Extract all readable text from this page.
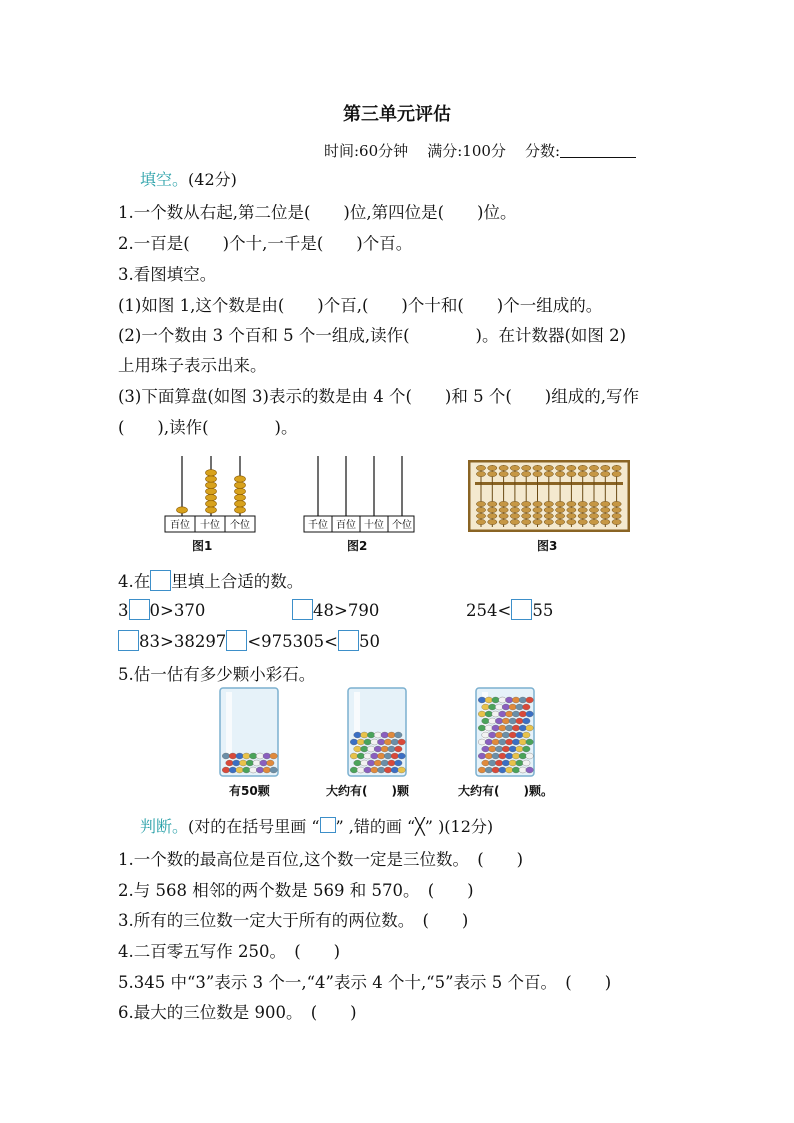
第三单元评估
时间:60分钟 满分:100分 分数:
填空。(42分)
1.一个数从右起,第二位是(　　)位,第四位是(　　)位。
2.一百是(　　)个十,一千是(　　)个百。
3.看图填空。
(1)如图 1,这个数是由(　　)个百,(　　)个十和(　　)个一组成的。
(2)一个数由 3 个百和 5 个一组成,读作(　　　　)。在计数器(如图 2)
上用珠子表示出来。
(3)下面算盘(如图 3)表示的数是由 4 个(　　)和 5 个(　　)组成的,写作
(　　),读作(　　　　)。
百位 十位 个位
图1
千位 百位 十位 个位
图2	图3
4.在 里填上合适的数。
3 0>370	48>790	254< 55
83>38297 <975305< 50
5.估一估有多少颗小彩石。
有50颗	大约有(　　)颗	大约有(　　)颗。
判断。(对的在括号里画 “ ” ,错的画 “╳” )(12分)
1.一个数的最高位是百位,这个数一定是三位数。　(　　)
2.与 568 相邻的两个数是 569 和 570。　(　　)
3.所有的三位数一定大于所有的两位数。　(　　)
4.二百零五写作 250。　(　　)
5.345 中“3”表示 3 个一,“4”表示 4 个十,“5”表示 5 个百。　(　　)
6.最大的三位数是 900。　(　　)
